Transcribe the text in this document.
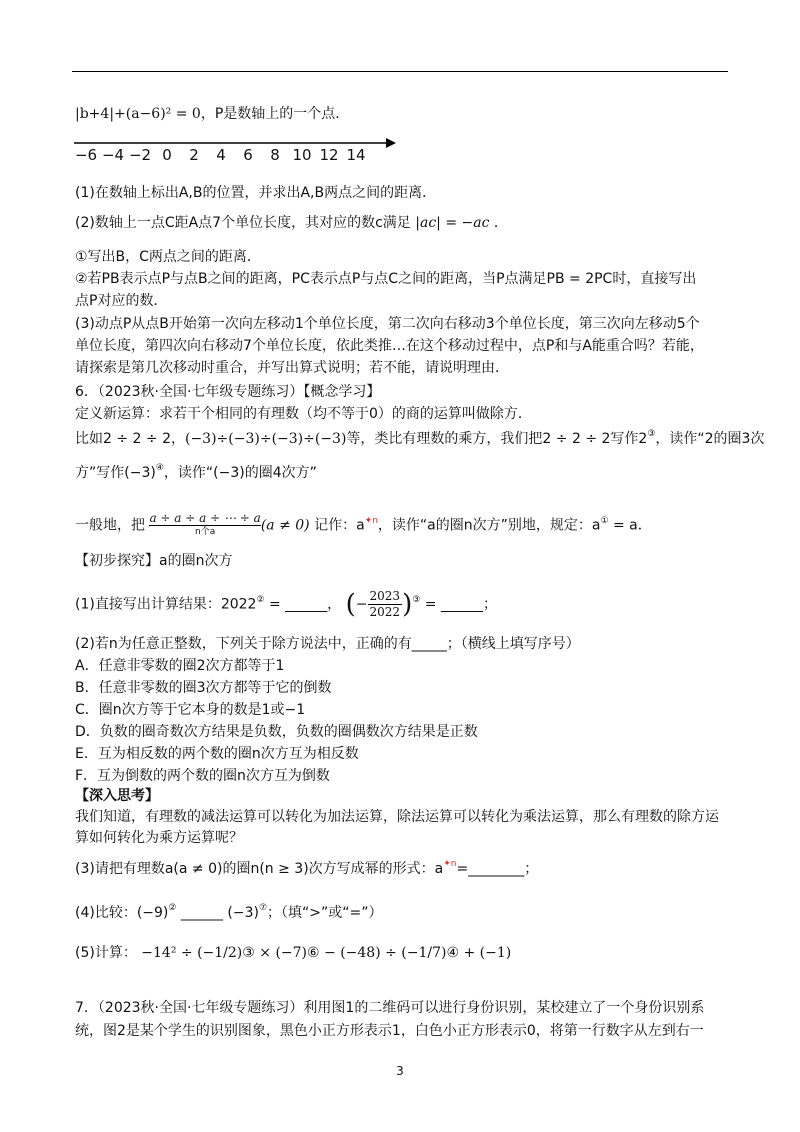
|b+4|+(a−6)² = 0，P是数轴上的一个点．
−6 −4 −2 0 2 4 6 8 10 12 14
(1)在数轴上标出A,B的位置，并求出A,B两点之间的距离．
(2)数轴上一点C距A点7个单位长度，其对应的数c满足 |ac| = −ac ．
①写出B，C两点之间的距离．
②若PB表示点P与点B之间的距离，PC表示点P与点C之间的距离，当P点满足PB = 2PC时，直接写出
点P对应的数．
(3)动点P从点B开始第一次向左移动1个单位长度，第二次向右移动3个单位长度，第三次向左移动5个
单位长度，第四次向右移动7个单位长度，依此类推…在这个移动过程中，点P和与A能重合吗？若能，
请探索是第几次移动时重合，并写出算式说明；若不能，请说明理由．
6．（2023秋·全国·七年级专题练习）【概念学习】
定义新运算：求若干个相同的有理数（均不等于0）的商的运算叫做除方．
比如2 ÷ 2 ÷ 2，(−3)÷(−3)÷(−3)÷(−3)等，类比有理数的乘方，我们把2 ÷ 2 ÷ 2写作2③，读作“2的圈3次
方”写作(−3)④，读作“(−3)的圈4次方”
一般地，把 a ÷ a ÷ a ÷ ⋯ ÷ a
n个a	(a ≠ 0) 记作：$a^{✦n}$，读作“a的圈n次方”别地，规定：a① = a．
【初步探究】a的圈n次方
(1)直接写出计算结果：2022② = ______， (− $\frac{2023}{2022} )^③$ = ______；
(2)若n为任意正整数，下列关于除方说法中，正确的有_____；（横线上填写序号）
A．任意非零数的圈2次方都等于1
B．任意非零数的圈3次方都等于它的倒数
C．圈n次方等于它本身的数是1或−1
D．负数的圈奇数次方结果是负数，负数的圈偶数次方结果是正数
E．互为相反数的两个数的圈n次方互为相反数
F．互为倒数的两个数的圈n次方互为倒数
【深入思考】
我们知道，有理数的减法运算可以转化为加法运算，除法运算可以转化为乘法运算，那么有理数的除方运
算如何转化为乘方运算呢？
(3)请把有理数a(a ≠ 0)的圈n(n ≥ 3)次方写成幂的形式：$a^{✦n}=\_\_\_\_\_\_\_\_$；
(4)比较：(−9)② ______ (−3)⑦；（填“>”或“=”）
(5)计算： −14² ÷ (−1/2)③ × (−7)⑥ − (−48) ÷ (−1/7)④ + (−1)
7．（2023秋·全国·七年级专题练习）利用图1的二维码可以进行身份识别，某校建立了一个身份识别系
统，图2是某个学生的识别图象，黑色小正方形表示1，白色小正方形表示0，将第一行数字从左到右一
3
